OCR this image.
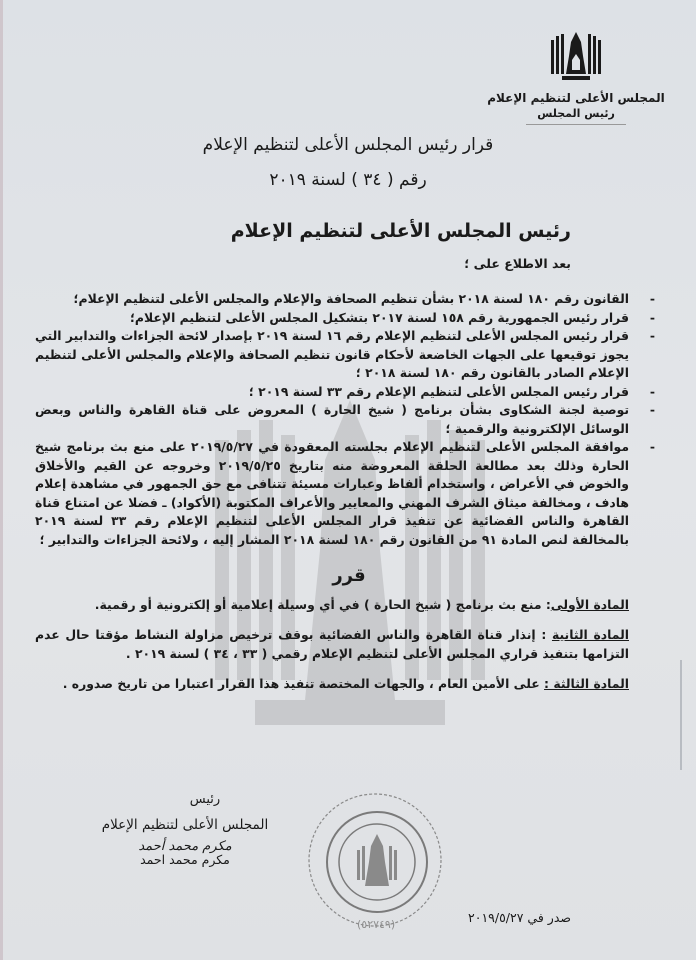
المجلس الأعلى لتنظيم الإعلام
رئيس المجلس
قرار رئيس المجلس الأعلى لتنظيم الإعلام
رقم ( ٣٤ ) لسنة ٢٠١٩
رئيس المجلس الأعلى لتنظيم الإعلام
بعد الاطلاع على ؛
-
القانون رقم ١٨٠ لسنة ٢٠١٨ بشأن تنظيم الصحافة والإعلام والمجلس الأعلى لتنظيم الإعلام؛
-
قرار رئيس الجمهورية رقم ١٥٨ لسنة ٢٠١٧ بتشكيل المجلس الأعلى لتنظيم الإعلام؛
-
قرار رئيس المجلس الأعلى لتنظيم الإعلام رقم ١٦ لسنة ٢٠١٩ بإصدار لائحة الجزاءات والتدابير التي يجوز توقيعها على الجهات الخاضعة لأحكام قانون تنظيم الصحافة والإعلام والمجلس الأعلى لتنظيم الإعلام الصادر بالقانون رقم ١٨٠ لسنة ٢٠١٨ ؛
-
قرار رئيس المجلس الأعلى لتنظيم الإعلام رقم ٣٣ لسنة ٢٠١٩ ؛
-
توصية لجنة الشكاوى بشأن برنامج ( شيخ الحارة ) المعروض على قناة القاهرة والناس وبعض الوسائل الإلكترونية والرقمية ؛
-
موافقة المجلس الأعلى لتنظيم الإعلام بجلسته المعقودة في ٢٠١٩/٥/٢٧ على منع بث برنامج شيخ الحارة وذلك بعد مطالعة الحلقة المعروضة منه بتاريخ ٢٠١٩/٥/٢٥ وخروجه عن القيم والأخلاق والخوض في الأعراض ، واستخدام ألفاظ وعبارات مسيئة تتنافى مع حق الجمهور في مشاهدة إعلام هادف ، ومخالفة ميثاق الشرف المهني والمعايير والأعراف المكتوبة (الأكواد) ـ فضلا عن امتناع قناة القاهرة والناس الفضائية عن تنفيذ قرار المجلس الأعلى لتنظيم الإعلام رقم ٣٣ لسنة ٢٠١٩ بالمخالفة لنص المادة ٩١ من القانون رقم ١٨٠ لسنة ٢٠١٨ المشار إليه ، ولائحة الجزاءات والتدابير ؛
قرر
المادة الأولى: منع بث برنامج ( شيخ الحارة ) في أي وسيلة إعلامية أو إلكترونية أو رقمية.
المادة الثانية : إنذار قناة القاهرة والناس الفضائية بوقف ترخيص مزاولة النشاط مؤقتا حال عدم التزامها بتنفيذ قراري المجلس الأعلى لتنظيم الإعلام رقمي ( ٣٣ ، ٣٤ ) لسنة ٢٠١٩ .
المادة الثالثة : على الأمين العام ، والجهات المختصة تنفيذ هذا القرار اعتبارا من تاريخ صدوره .
(٥٢٧٤٩)
رئيس
المجلس الأعلى لتنظيم الإعلام
مكرم محمد أحمد
مكرم محمد احمد
صدر في ٢٠١٩/٥/٢٧
